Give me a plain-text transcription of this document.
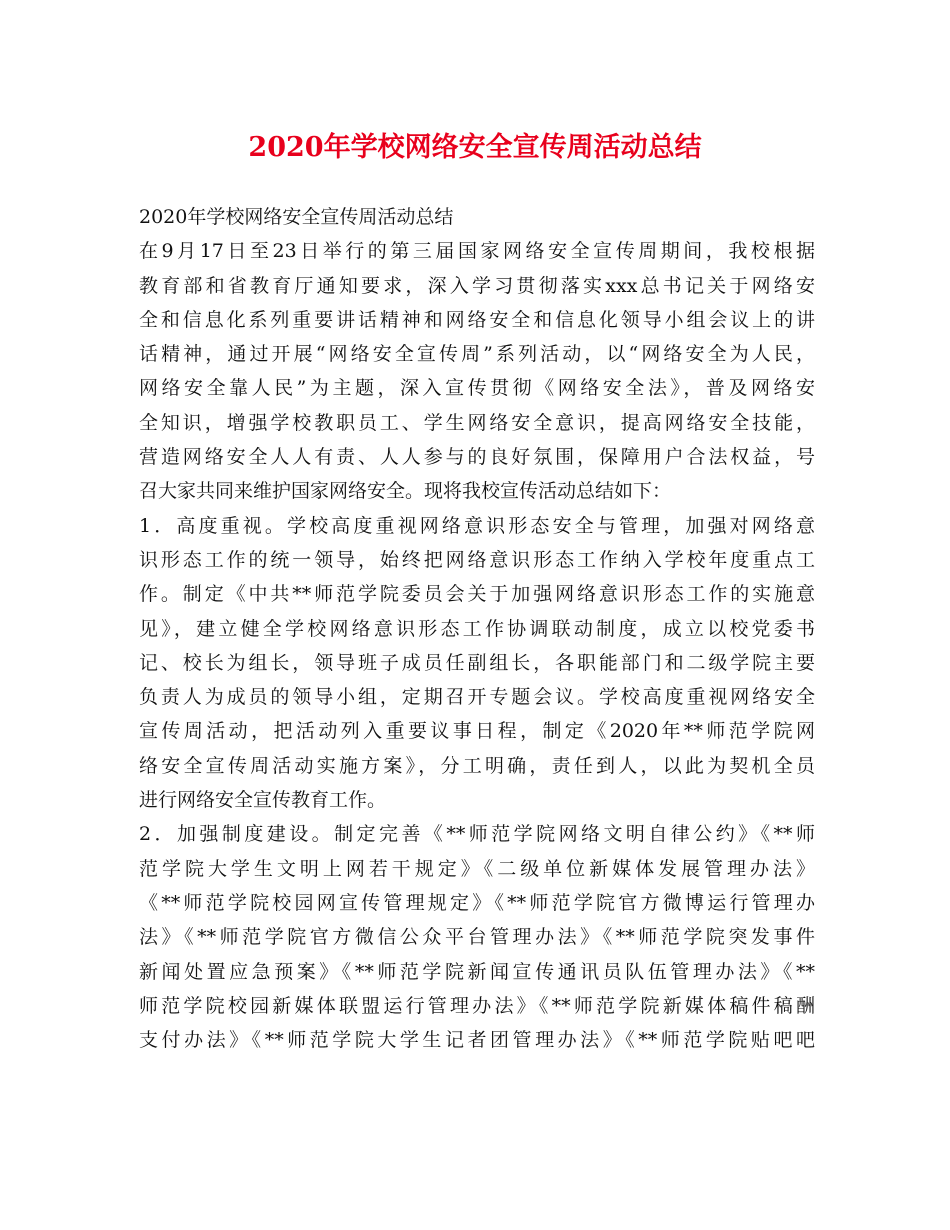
2020年学校网络安全宣传周活动总结
2020年学校网络安全宣传周活动总结
在9月17日至23日举行的第三届国家网络安全宣传周期间，我校根据
教育部和省教育厅通知要求，深入学习贯彻落实xxx总书记关于网络安
全和信息化系列重要讲话精神和网络安全和信息化领导小组会议上的讲
话精神，通过开展“网络安全宣传周”系列活动，以“网络安全为人民，
网络安全靠人民”为主题，深入宣传贯彻《网络安全法》，普及网络安
全知识，增强学校教职员工、学生网络安全意识，提高网络安全技能，
营造网络安全人人有责、人人参与的良好氛围，保障用户合法权益，号
召大家共同来维护国家网络安全。现将我校宣传活动总结如下：
1．高度重视。学校高度重视网络意识形态安全与管理，加强对网络意
识形态工作的统一领导，始终把网络意识形态工作纳入学校年度重点工
作。制定《中共**师范学院委员会关于加强网络意识形态工作的实施意
见》，建立健全学校网络意识形态工作协调联动制度，成立以校党委书
记、校长为组长，领导班子成员任副组长，各职能部门和二级学院主要
负责人为成员的领导小组，定期召开专题会议。学校高度重视网络安全
宣传周活动，把活动列入重要议事日程，制定《2020年**师范学院网
络安全宣传周活动实施方案》，分工明确，责任到人，以此为契机全员
进行网络安全宣传教育工作。
2．加强制度建设。制定完善《**师范学院网络文明自律公约》《**师
范学院大学生文明上网若干规定》《二级单位新媒体发展管理办法》
《**师范学院校园网宣传管理规定》《**师范学院官方微博运行管理办
法》《**师范学院官方微信公众平台管理办法》《**师范学院突发事件
新闻处置应急预案》《**师范学院新闻宣传通讯员队伍管理办法》《**
师范学院校园新媒体联盟运行管理办法》《**师范学院新媒体稿件稿酬
支付办法》《**师范学院大学生记者团管理办法》《**师范学院贴吧吧
